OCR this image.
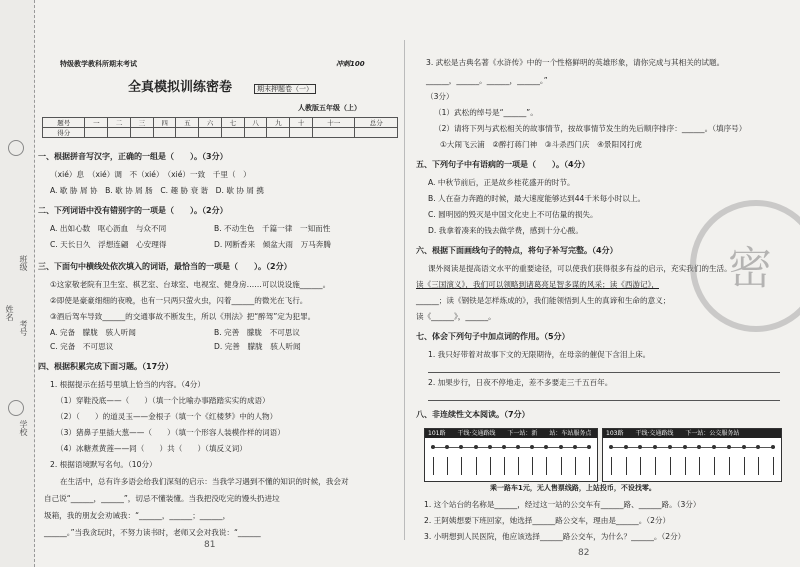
学校
考号
班级
姓名
特级教学教科所期末考试	冲刺100
全真模拟训练密卷	期末押题卷（一）
人教版五年级（上）
题号	一	二	三	四	五	六	七	八	九	十	十一	总分
得分												
一、根据拼音写汉字，正确的一组是（　　）。（3分）
（xié）息　（xié）调　不（xié）　（xié）一致　千里（　）
A. 歇 胁 屑 协　B. 歇 协 屑 肠　C. 趣 胁 衰 谐　D. 歇 协 屑 携
二、下列词语中没有错别字的一项是（　　）。（2分）
A. 出如心数　呕心沥血　与众不同	B. 不动生色　千篇一律　一知而性
C. 天长日久　浮想连翩　心安理得	D. 网断香来　倾盆大雨　万马奔腾
三、下面句中横线处依次填入的词语，最恰当的一项是（　　）。（2分）
①这家敬老院有卫生室、棋艺室、台球室、电视室、健身房……可以说设施______。
②即使是豪豪细细的夜晚，也有一只两只萤火虫，闪着______的微光在飞行。
③酒后驾车导致______的交通事故不断发生，所以《刑法》把“醉驾”定为犯罪。
A. 完备　朦胧　骇人听闻	B. 完善　朦胧　不可思议
C. 完备　不可思议	D. 完善　朦胧　骇人听闻
四、根据积累完成下面习题。（17分）
1. 根据提示在括号里填上恰当的内容。（4分）
（1）穿鞋没底——（　　）（填一个比喻办事踏踏实实的成语）
（2）（　　）的道灵玉——金根子（填一个《红楼梦》中的人物）
（3）猪鼻子里插大葱——（　　）（填一个形容人装模作样的词语）
（4）冰糖煮黄莲——同（　　）共（　　）（填反义词）
2. 根据语境默写名句。（10分）
在生活中，总有许多语会给我们深刻的启示：当我学习遇到不懂的知识的时候，我会对
自己说“______，______”，切忌不懂装懂。当我把没吃完的馒头扔进垃
圾箱，我的朋友会劝诫我：“______，______；______，
______。”当我贪玩时，不努力读书时，老师又会对我说：“______
81
______，______。______，______。”
3. 武松是古典名著《水浒传》中的一个性格鲜明的英雄形象，请你完成与其相关的试题。
（3分）
（1）武松的绰号是“______”。
（2）请将下列与武松相关的故事情节，按故事情节发生的先后顺序排序：______。（填序号）
①大闹飞云浦　②醉打蒋门神　③斗杀西门庆　④景阳冈打虎
五、下列句子中有语病的一项是（　　）。（4分）
A. 中秋节前后，正是故乡桂花盛开的时节。
B. 人在奋力奔跑的时候，最大速度能够达到44千米每小时以上。
C. 圆明园的毁灭是中国文化史上不可估量的损失。
D. 我拿着凑来的钱去做学费，感到十分心酸。
六、根据下面画线句子的特点，将句子补写完整。（4分）
课外阅读是提高语文水平的重要途径，可以使我们获得很多有益的启示，充实我们的生活。
读《三国演义》，我们可以领略到诸葛亮足智多谋的风采；读《西游记》，
______；读《钢铁是怎样炼成的》，我们能领悟到人生的真谛和生命的意义；
读《______》，______。
七、体会下列句子中加点词的作用。（5分）
1. 我只好带着对故事下文的无限期待，在母亲的催促下含泪上床。
2. 加果步行，日夜不停地走，差不多要走三千五百年。
八、非连续性文本阅读。（7分）
101路　　干线·交通路线　　下一站：新　　站：车站服务点	103路　　干线·交通路线　　下一站：公交服务站
乘一路车1元，无人售票线路，上站投币，不设找零。
1. 这个站台的名称是______，经过这一站的公交车有______路、______路。（3分）
2. 王阿姨想要下班回家，她选择______路公交车，理由是______。（2分）
3. 小明想到人民医院，他应该选择______路公交车，为什么？______。（2分）
82
密
